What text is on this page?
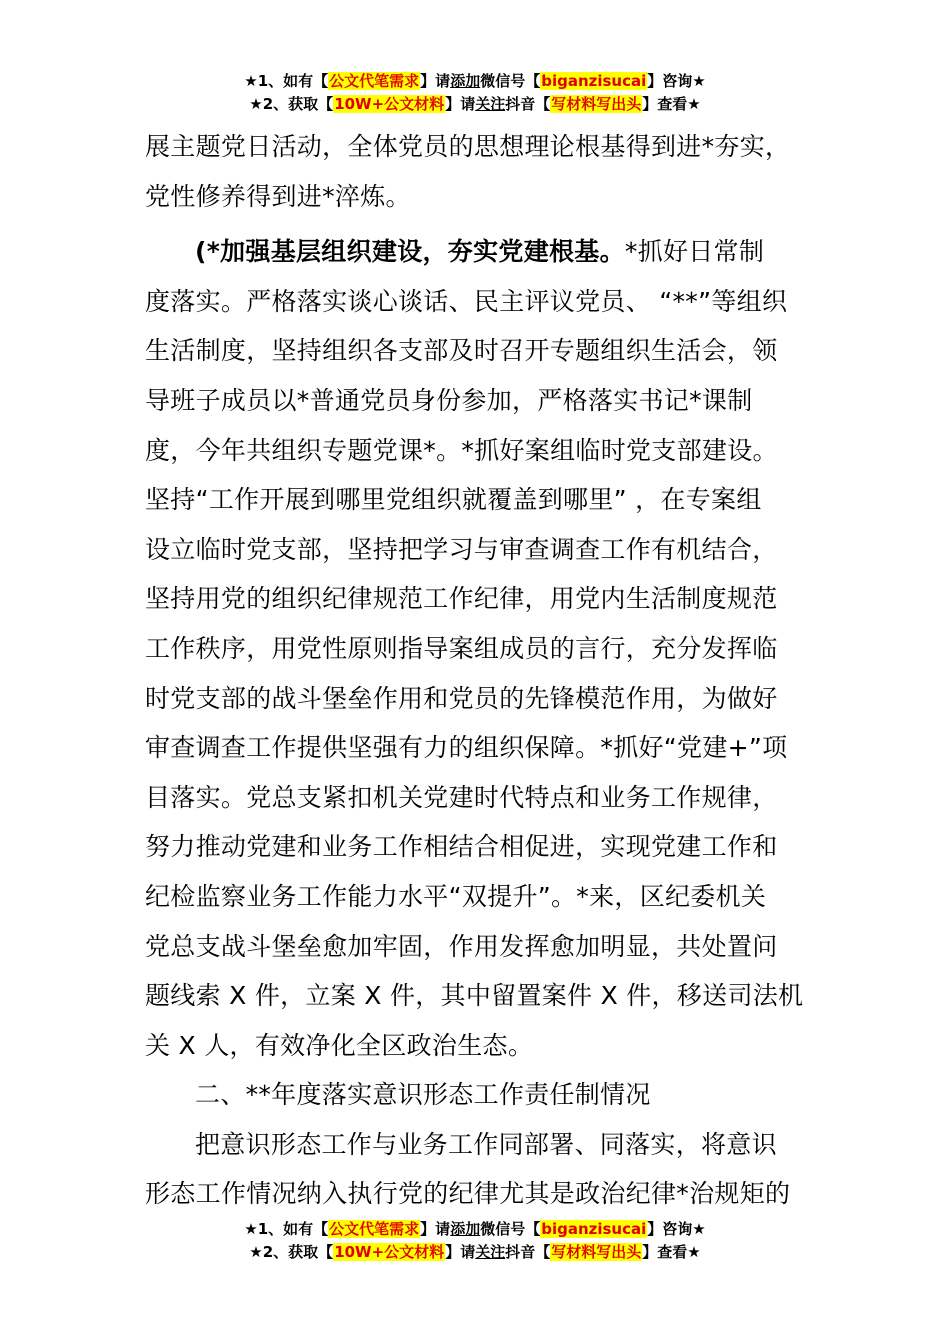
★1、如有【公文代笔需求】请添加微信号【biganzisucai】咨询★
★2、获取【10W+公文材料】请关注抖音【写材料写出头】查看★
展主题党日活动，全体党员的思想理论根基得到进*夯实，
党性修养得到进*淬炼。
(*加强基层组织建设，夯实党建根基。*抓好日常制
度落实。严格落实谈心谈话、民主评议党员、 “**”等组织
生活制度，坚持组织各支部及时召开专题组织生活会，领
导班子成员以*普通党员身份参加，严格落实书记*课制
度，今年共组织专题党课*。*抓好案组临时党支部建设。
坚持“工作开展到哪里党组织就覆盖到哪里” ，在专案组
设立临时党支部，坚持把学习与审查调查工作有机结合，
坚持用党的组织纪律规范工作纪律，用党内生活制度规范
工作秩序，用党性原则指导案组成员的言行，充分发挥临
时党支部的战斗堡垒作用和党员的先锋模范作用，为做好
审查调查工作提供坚强有力的组织保障。*抓好“党建+”项
目落实。党总支紧扣机关党建时代特点和业务工作规律，
努力推动党建和业务工作相结合相促进，实现党建工作和
纪检监察业务工作能力水平“双提升”。*来，区纪委机关
党总支战斗堡垒愈加牢固，作用发挥愈加明显，共处置问
题线索 X 件，立案 X 件，其中留置案件 X 件，移送司法机
关 X 人，有效净化全区政治生态。
二、**年度落实意识形态工作责任制情况
把意识形态工作与业务工作同部署、同落实，将意识
形态工作情况纳入执行党的纪律尤其是政治纪律*治规矩的
★1、如有【公文代笔需求】请添加微信号【biganzisucai】咨询★
★2、获取【10W+公文材料】请关注抖音【写材料写出头】查看★
